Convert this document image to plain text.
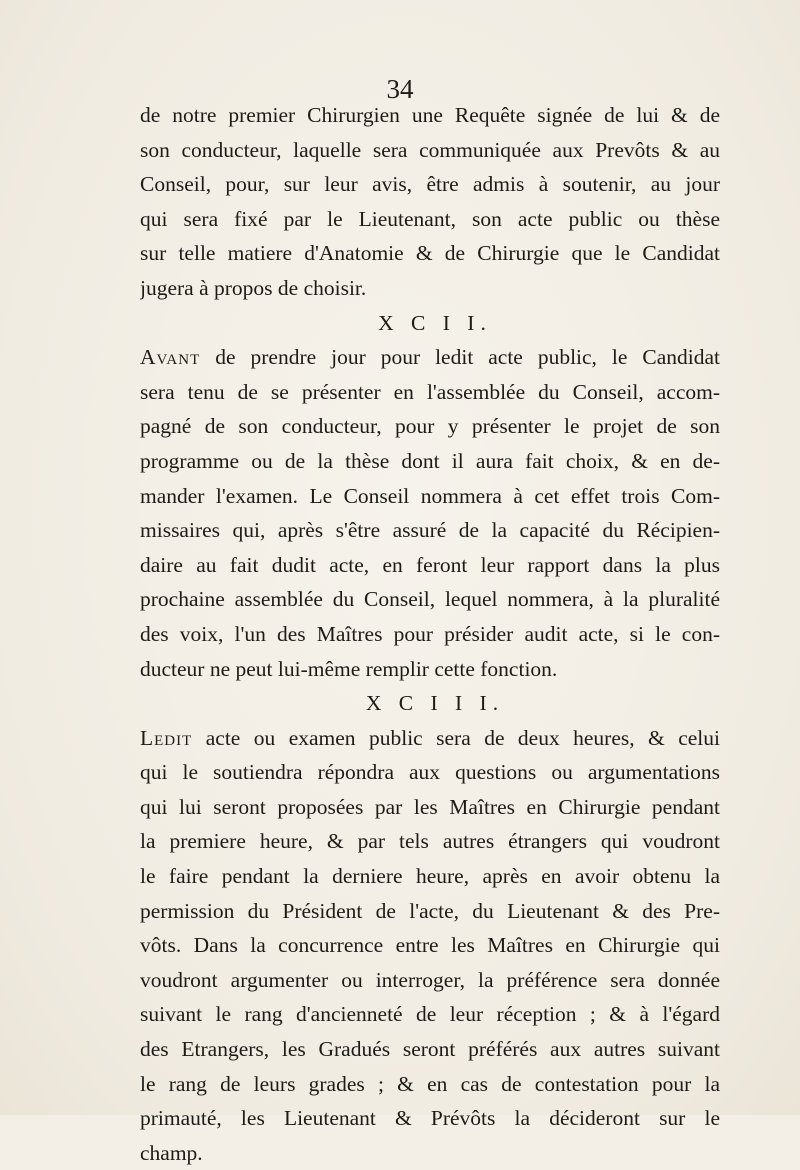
34
de notre premier Chirurgien une Requête signée de lui & de
son conducteur, laquelle sera communiquée aux Prevôts & au
Conseil, pour, sur leur avis, être admis à soutenir, au jour
qui sera fixé par le Lieutenant, son acte public ou thèse
sur telle matiere d'Anatomie & de Chirurgie que le Candidat
jugera à propos de choisir.
X C I I.
Avant de prendre jour pour ledit acte public, le Candidat
sera tenu de se présenter en l'assemblée du Conseil, accom-
pagné de son conducteur, pour y présenter le projet de son
programme ou de la thèse dont il aura fait choix, & en de-
mander l'examen. Le Conseil nommera à cet effet trois Com-
missaires qui, après s'être assuré de la capacité du Récipien-
daire au fait dudit acte, en feront leur rapport dans la plus
prochaine assemblée du Conseil, lequel nommera, à la pluralité
des voix, l'un des Maîtres pour présider audit acte, si le con-
ducteur ne peut lui-même remplir cette fonction.
X C I I I.
Ledit acte ou examen public sera de deux heures, & celui
qui le soutiendra répondra aux questions ou argumentations
qui lui seront proposées par les Maîtres en Chirurgie pendant
la premiere heure, & par tels autres étrangers qui voudront
le faire pendant la derniere heure, après en avoir obtenu la
permission du Président de l'acte, du Lieutenant & des Pre-
vôts. Dans la concurrence entre les Maîtres en Chirurgie qui
voudront argumenter ou interroger, la préférence sera donnée
suivant le rang d'ancienneté de leur réception ; & à l'égard
des Etrangers, les Gradués seront préférés aux autres suivant
le rang de leurs grades ; & en cas de contestation pour la
primauté, les Lieutenant & Prévôts la décideront sur le
champ.
